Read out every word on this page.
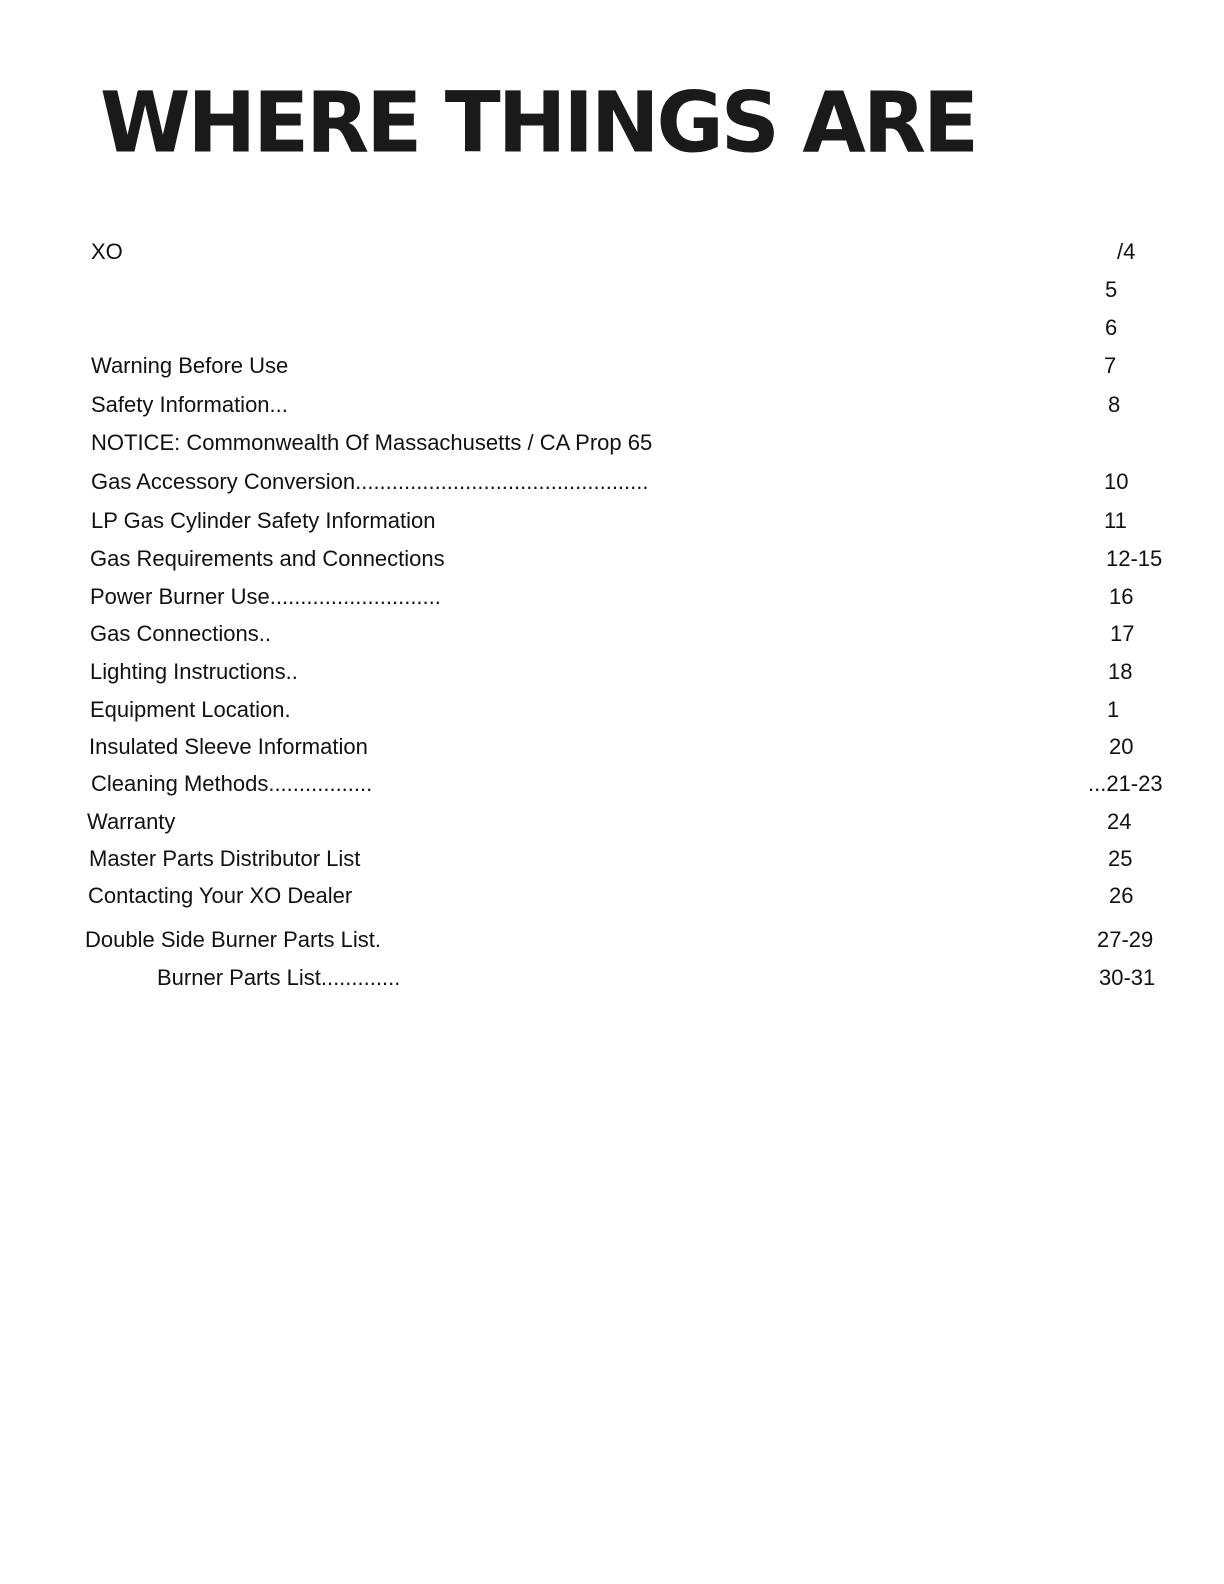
WHERE THINGS ARE
XO	/4
5
6
Warning Before Use	7
Safety Information...	8
NOTICE: Commonwealth Of Massachusetts / CA Prop 65
Gas Accessory Conversion................................................	10
LP Gas Cylinder Safety Information	11
Gas Requirements and Connections	12-15
Power Burner Use............................	16
Gas Connections..	17
Lighting Instructions..	18
Equipment Location.	1
Insulated Sleeve Information	20
Cleaning Methods.................	...21-23
Warranty	24
Master Parts Distributor List	25
Contacting Your XO Dealer	26
Double Side Burner Parts List.	27-29
Burner Parts List.............	30-31
